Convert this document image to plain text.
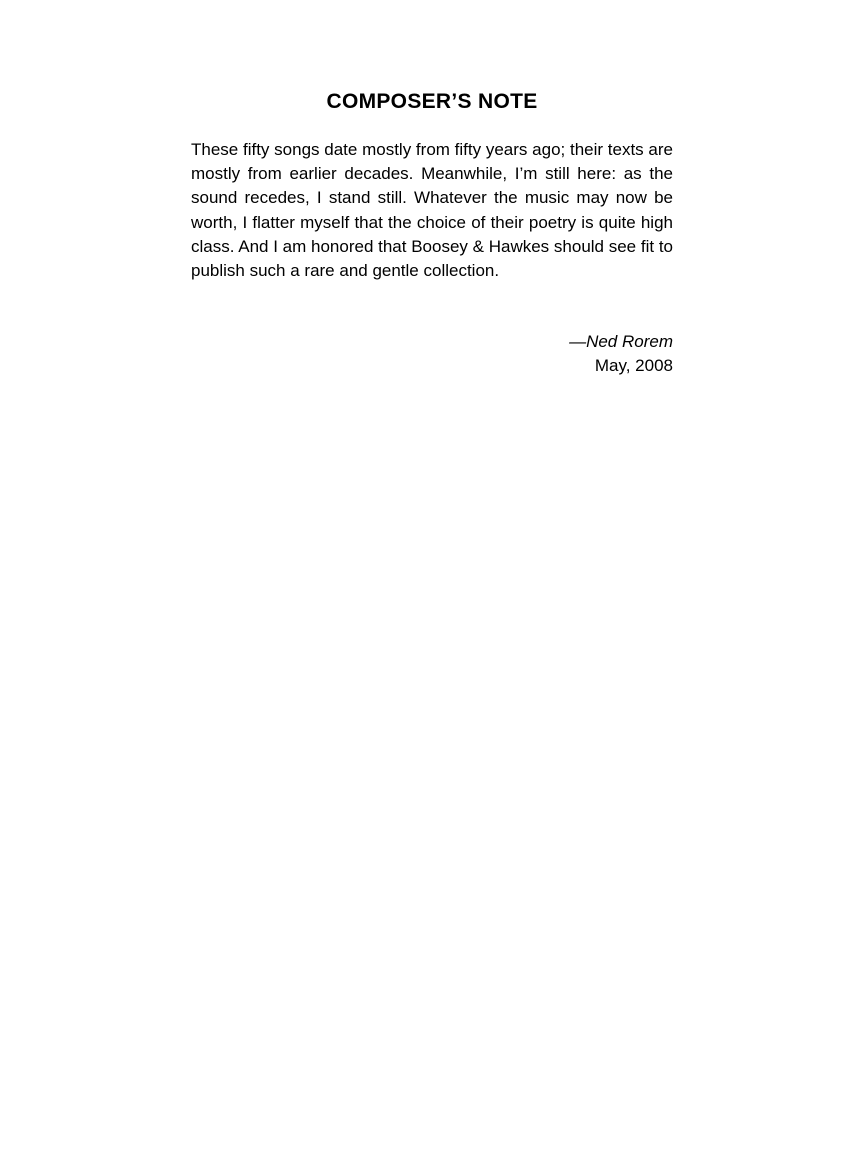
COMPOSER’S NOTE

These fifty songs date mostly from fifty years ago; their texts are mostly from earlier decades. Meanwhile, I’m still here: as the sound recedes, I stand still. Whatever the music may now be worth, I flatter myself that the choice of their poetry is quite high class. And I am honored that Boosey & Hawkes should see fit to publish such a rare and gentle collection.

—Ned Rorem
May, 2008
